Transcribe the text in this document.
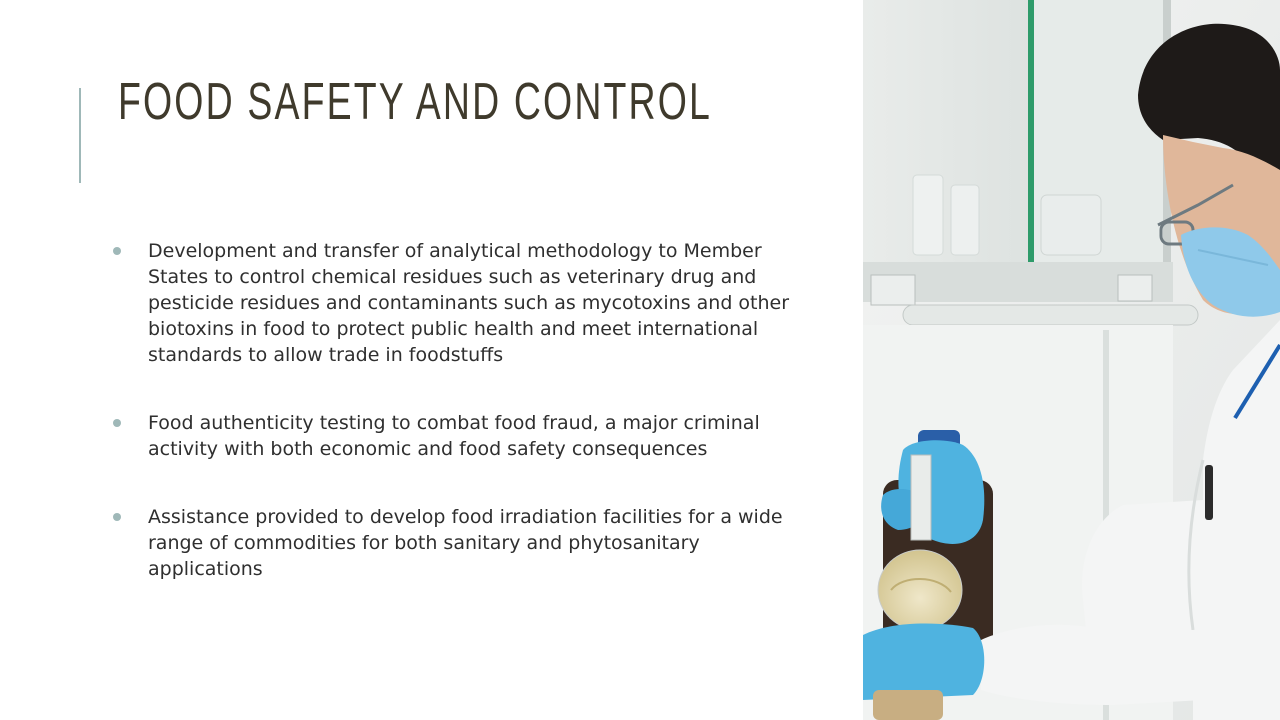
FOOD SAFETY AND CONTROL
Development and transfer of analytical methodology to Member States to control chemical residues such as veterinary drug and pesticide residues and contaminants such as mycotoxins and other biotoxins in food to protect public health and meet international standards to allow trade in foodstuffs
Food authenticity testing to combat food fraud, a major criminal activity with both economic and food safety consequences
Assistance provided to develop food irradiation facilities for a wide range of commodities for both sanitary and phytosanitary applications
